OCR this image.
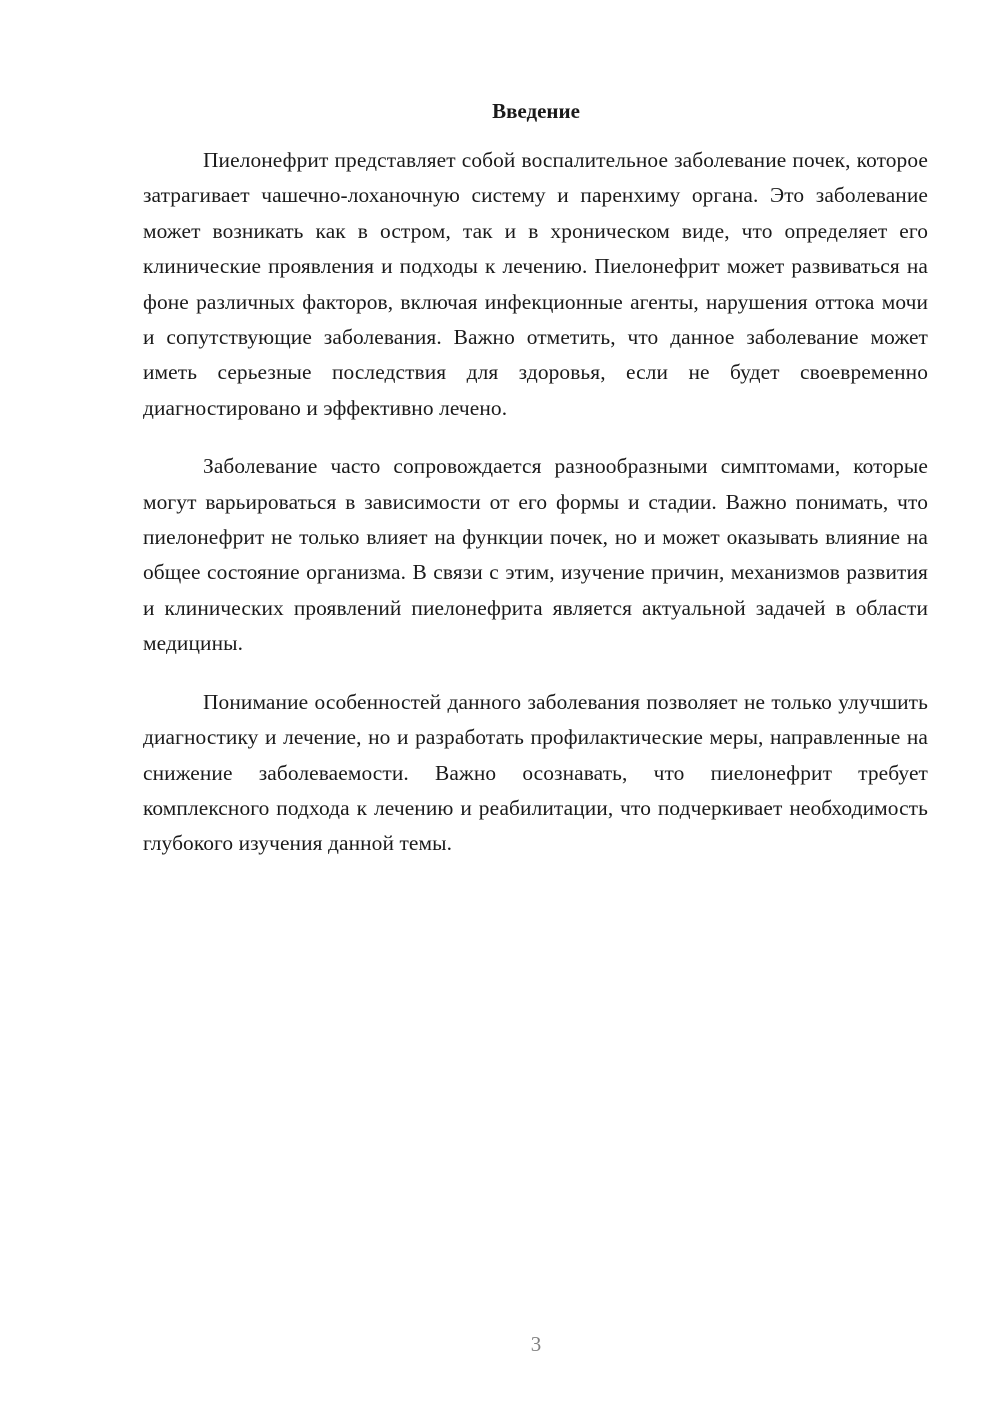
Введение

Пиелонефрит представляет собой воспалительное заболевание почек, которое затрагивает чашечно-лоханочную систему и паренхиму органа. Это заболевание может возникать как в остром, так и в хроническом виде, что определяет его клинические проявления и подходы к лечению. Пиелонефрит может развиваться на фоне различных факторов, включая инфекционные агенты, нарушения оттока мочи и сопутствующие заболевания. Важно отметить, что данное заболевание может иметь серьезные последствия для здоровья, если не будет своевременно диагностировано и эффективно лечено.

Заболевание часто сопровождается разнообразными симптомами, которые могут варьироваться в зависимости от его формы и стадии. Важно понимать, что пиелонефрит не только влияет на функции почек, но и может оказывать влияние на общее состояние организма. В связи с этим, изучение причин, механизмов развития и клинических проявлений пиелонефрита является актуальной задачей в области медицины.

Понимание особенностей данного заболевания позволяет не только улучшить диагностику и лечение, но и разработать профилактические меры, направленные на снижение заболеваемости. Важно осознавать, что пиелонефрит требует комплексного подхода к лечению и реабилитации, что подчеркивает необходимость глубокого изучения данной темы.

3
